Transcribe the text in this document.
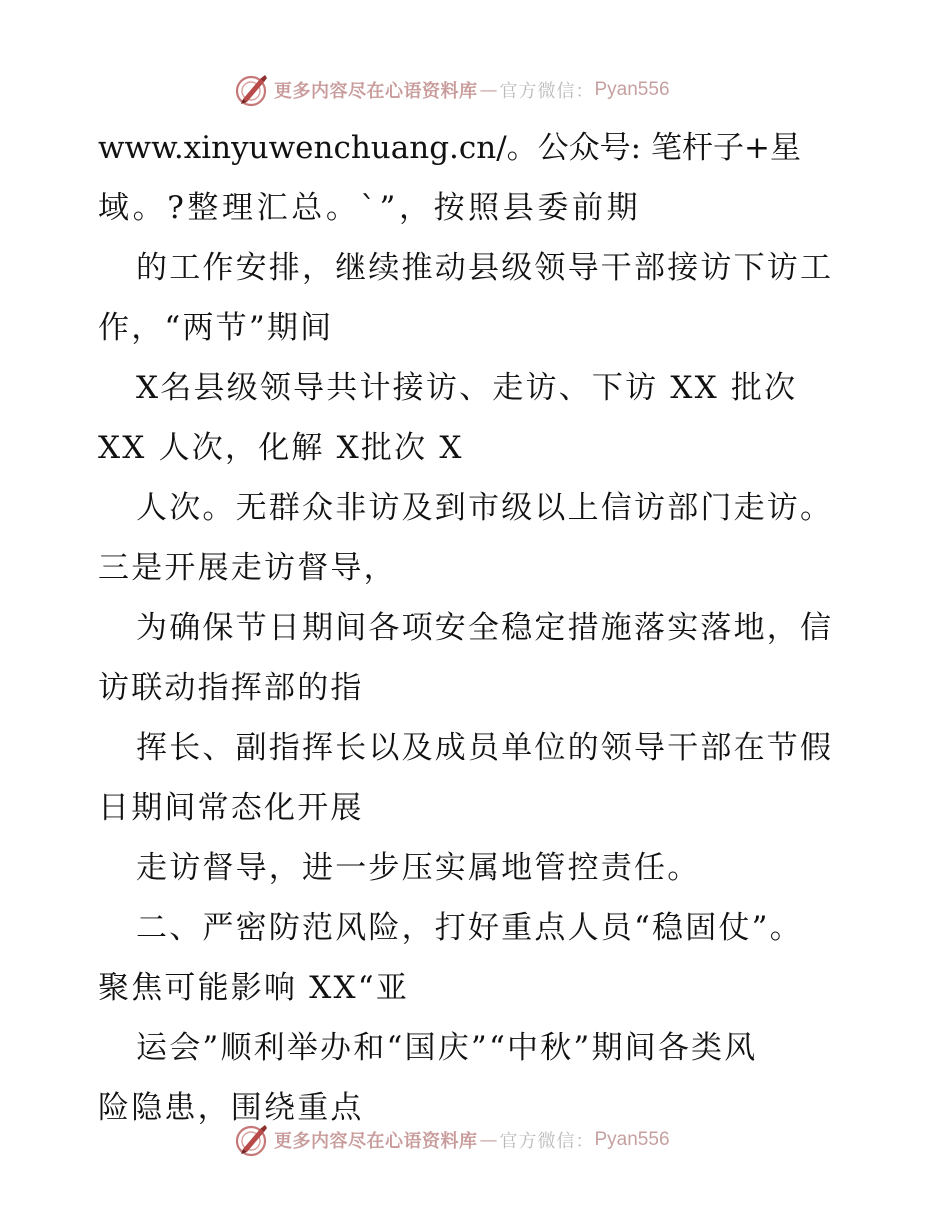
更多内容尽在心语资料库 — 官方微信： Pyan556
www.xinyuwenchuang.cn/。公众号: 笔杆子+星
域。?整理汇总。`”，按照县委前期
的工作安排，继续推动县级领导干部接访下访工
作，“两节”期间
X名县级领导共计接访、走访、下访 XX 批次
XX 人次，化解 X批次 X
人次。无群众非访及到市级以上信访部门走访。
三是开展走访督导，
为确保节日期间各项安全稳定措施落实落地，信
访联动指挥部的指
挥长、副指挥长以及成员单位的领导干部在节假
日期间常态化开展
走访督导，进一步压实属地管控责任。
二、严密防范风险，打好重点人员“稳固仗”。
聚焦可能影响 XX“亚
运会”顺利举办和“国庆”“中秋”期间各类风
险隐患，围绕重点
更多内容尽在心语资料库 — 官方微信： Pyan556
